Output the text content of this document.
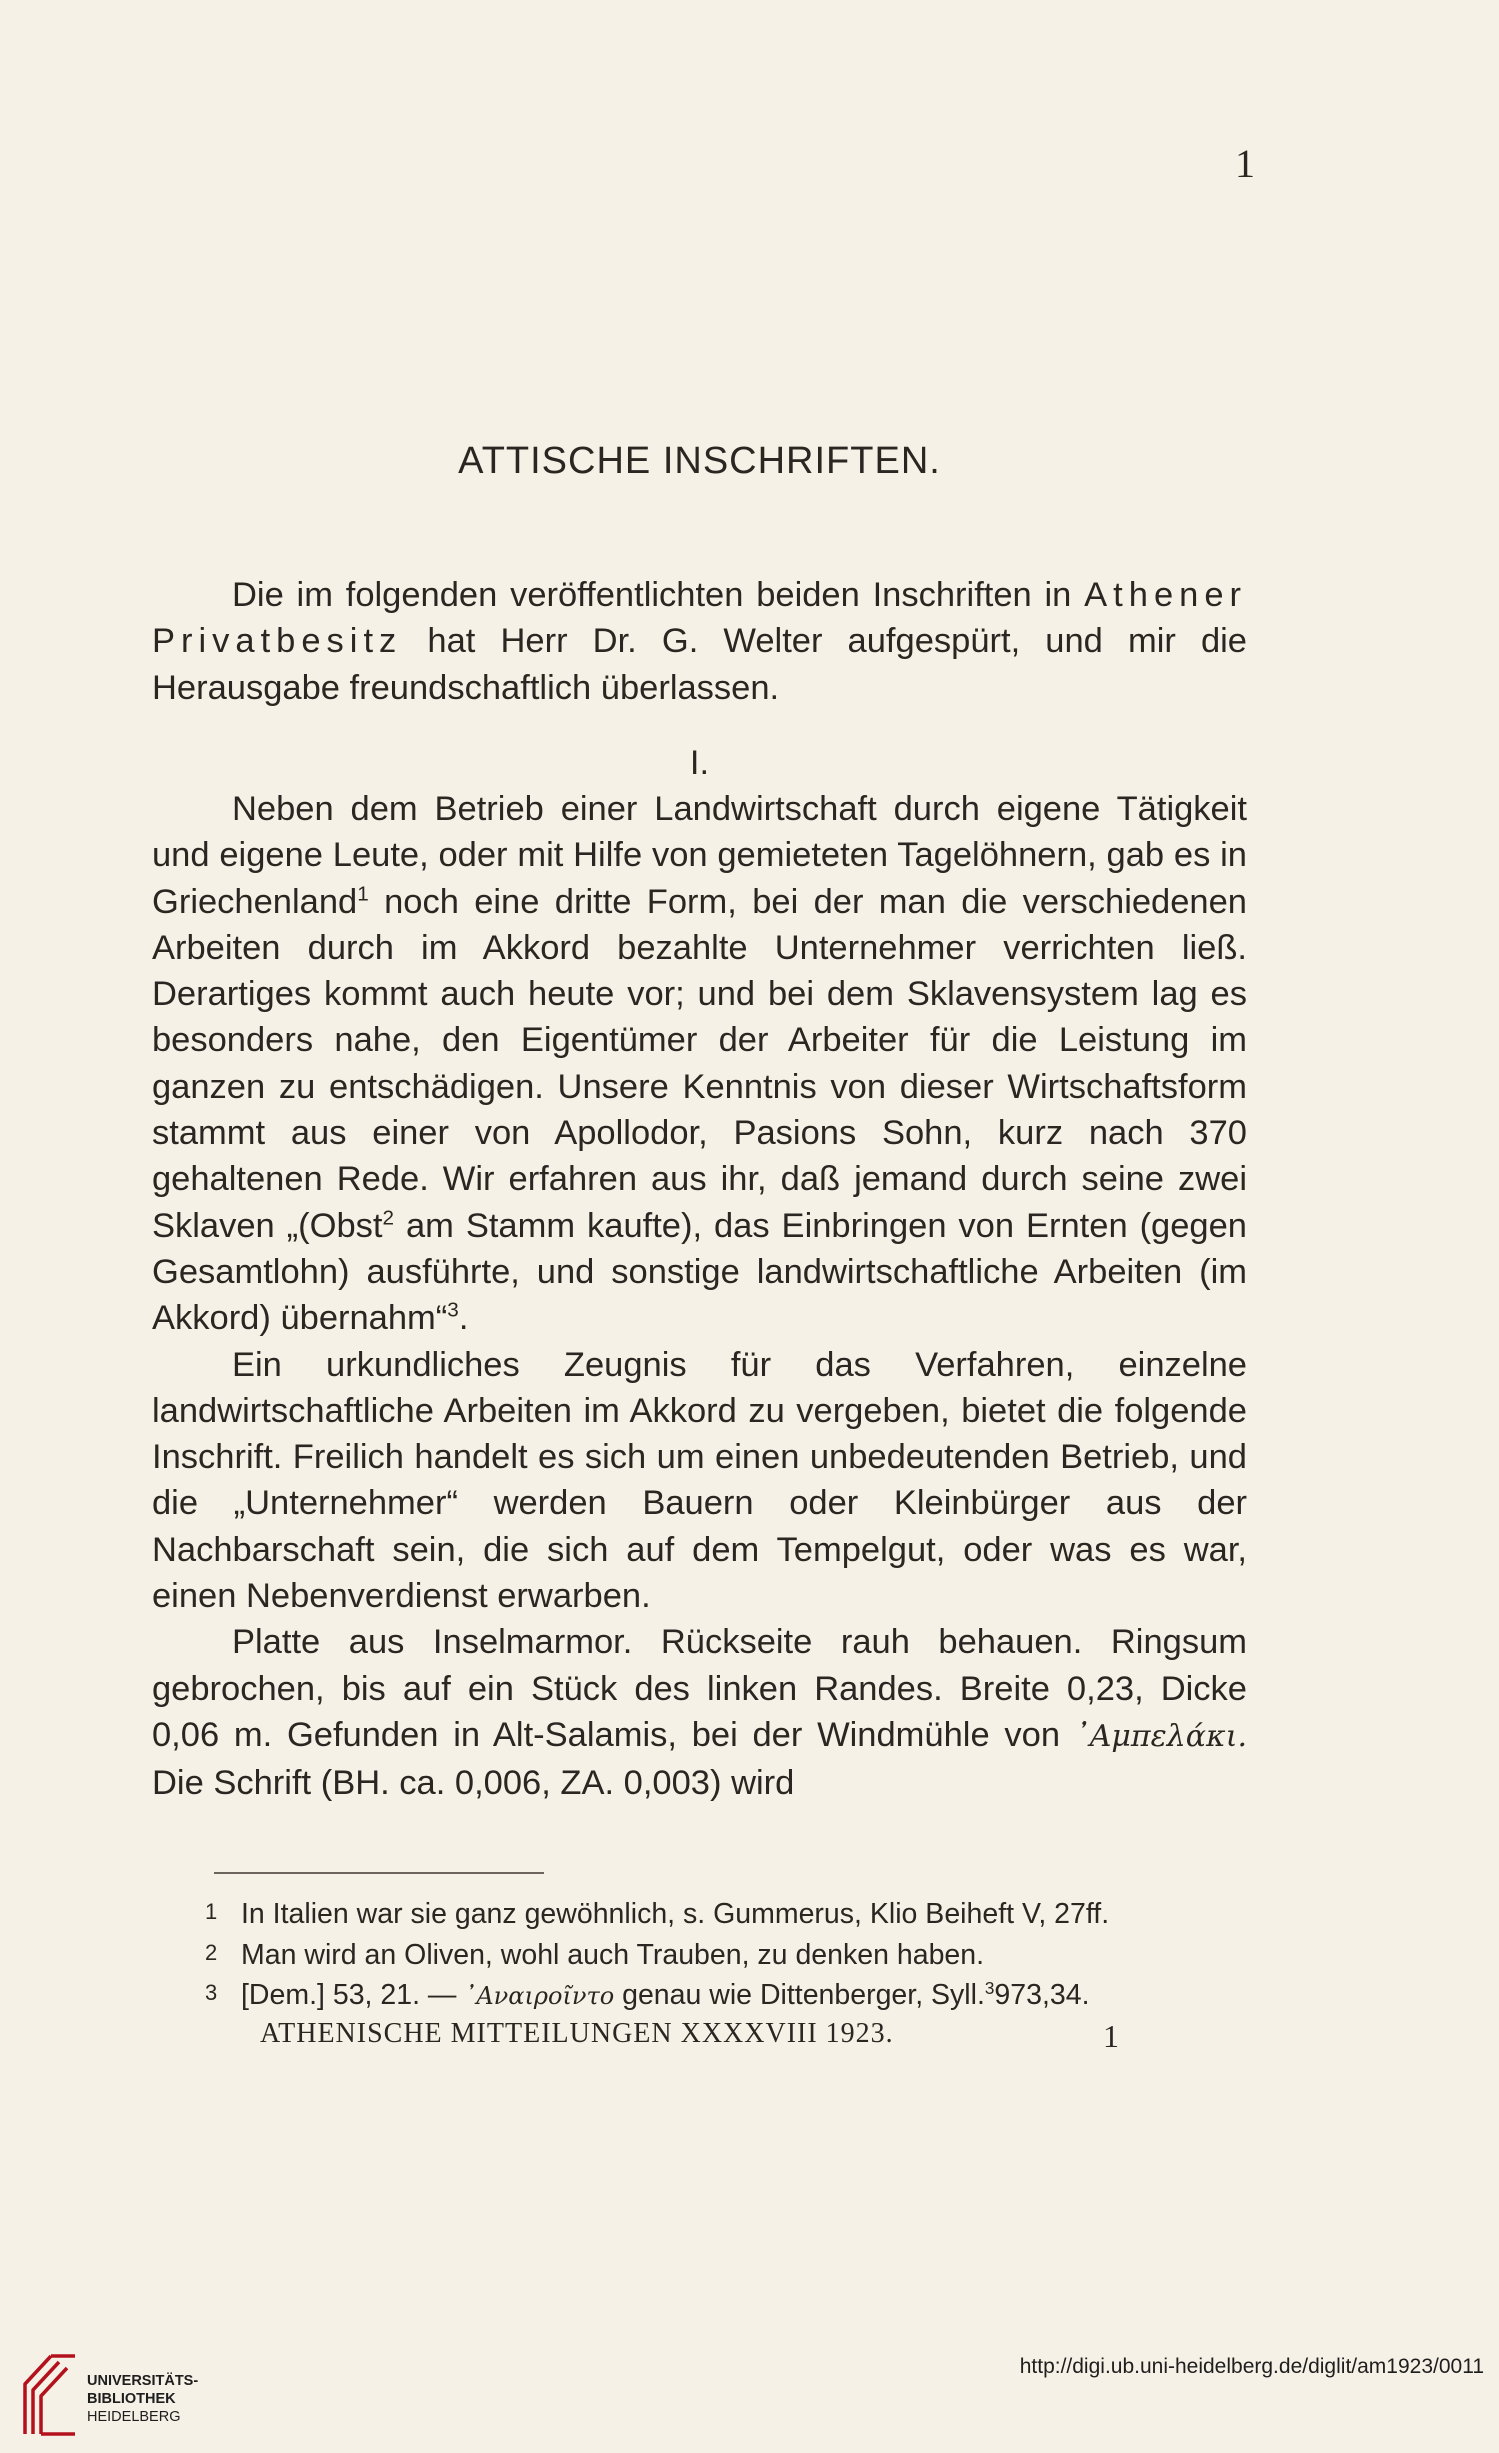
1
ATTISCHE INSCHRIFTEN.

Die im folgenden veröffentlichten beiden Inschriften in Athener Privatbesitz hat Herr Dr. G. Welter aufgespürt, und mir die Herausgabe freundschaftlich überlassen.

I.

Neben dem Betrieb einer Landwirtschaft durch eigene Tätigkeit und eigene Leute, oder mit Hilfe von gemieteten Tagelöhnern, gab es in Griechenland$^1$ noch eine dritte Form, bei der man die verschiedenen Arbeiten durch im Akkord bezahlte Unternehmer verrichten ließ. Derartiges kommt auch heute vor; und bei dem Sklavensystem lag es besonders nahe, den Eigentümer der Arbeiter für die Leistung im ganzen zu entschädigen. Unsere Kenntnis von dieser Wirtschaftsform stammt aus einer von Apollodor, Pasions Sohn, kurz nach 370 gehaltenen Rede. Wir erfahren aus ihr, daß jemand durch seine zwei Sklaven „(Obst$^2$ am Stamm kaufte), das Einbringen von Ernten (gegen Gesamtlohn) ausführte, und sonstige landwirtschaftliche Arbeiten (im Akkord) übernahm“$^3$.

Ein urkundliches Zeugnis für das Verfahren, einzelne landwirtschaftliche Arbeiten im Akkord zu vergeben, bietet die folgende Inschrift. Freilich handelt es sich um einen unbedeutenden Betrieb, und die „Unternehmer“ werden Bauern oder Kleinbürger aus der Nachbarschaft sein, die sich auf dem Tempelgut, oder was es war, einen Nebenverdienst erwarben.

Platte aus Inselmarmor. Rückseite rauh behauen. Ringsum gebrochen, bis auf ein Stück des linken Randes. Breite 0,23, Dicke 0,06 m. Gefunden in Alt-Salamis, bei der Windmühle von ᾿Αμπελάκι. Die Schrift (BH. ca. 0,006, ZA. 0,003) wird

1 In Italien war sie ganz gewöhnlich, s. Gummerus, Klio Beiheft V, 27ff.

2 Man wird an Oliven, wohl auch Trauben, zu denken haben.

3 [Dem.] 53, 21. — ᾿Αναιροῖντο genau wie Dittenberger, Syll.$^3$973,34.

ATHENISCHE MITTEILUNGEN XXXXVIII 1923.	1
UNIVERSITÄTS-
BIBLIOTHEK
HEIDELBERG
http://digi.ub.uni-heidelberg.de/diglit/am1923/0011
